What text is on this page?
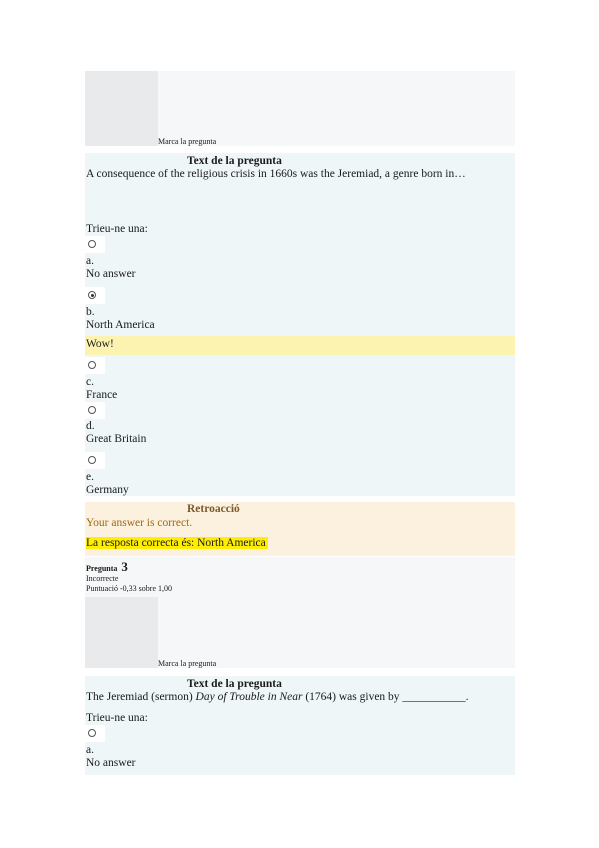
Marca la pregunta
Text de la pregunta
A consequence of the religious crisis in 1660s was the Jeremiad, a genre born in…
Trieu-ne una:
a.
No answer
b.
North America
Wow!
c.
France
d.
Great Britain
e.
Germany
Retroacció
Your answer is correct.
La resposta correcta és: North America
Pregunta 3
Incorrecte
Puntuació -0,33 sobre 1,00
Marca la pregunta
Text de la pregunta
The Jeremiad (sermon) Day of Trouble in Near (1764) was given by ___________.
Trieu-ne una:
a.
No answer
